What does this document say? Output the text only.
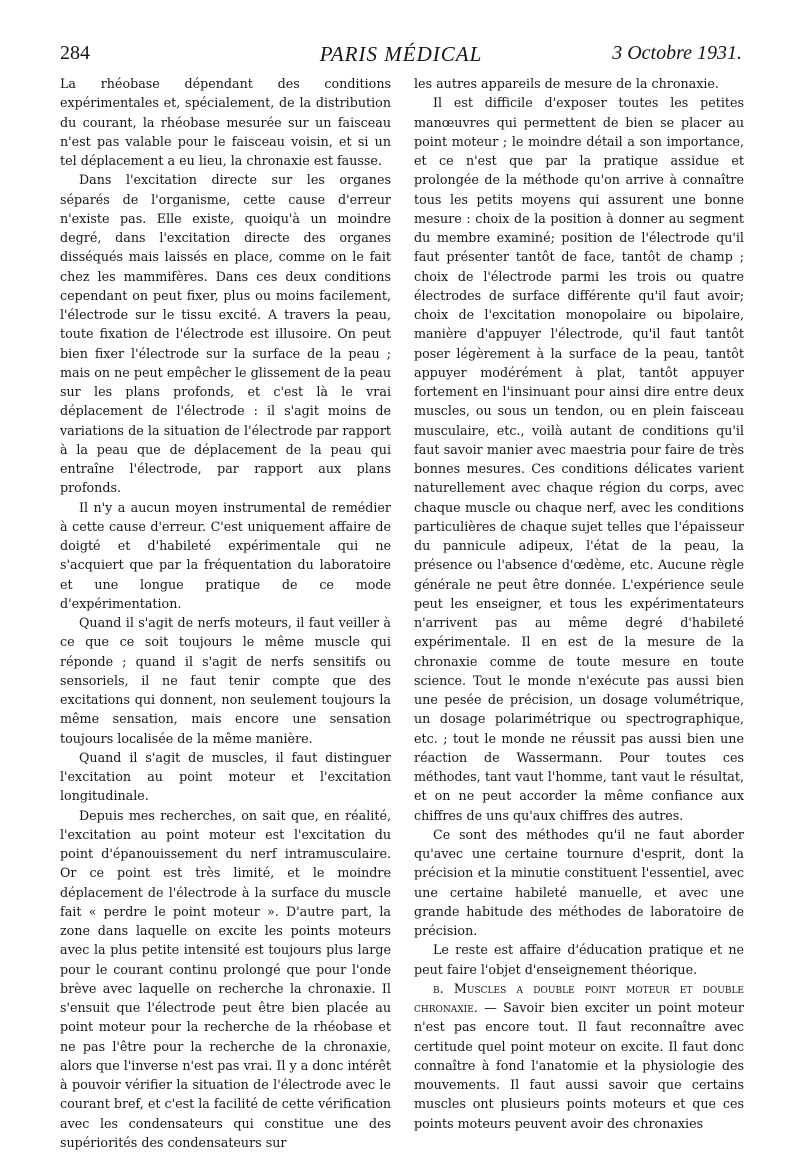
284	PARIS MÉDICAL	3 Octobre 1931.

La rhéobase dépendant des conditions expérimentales et, spécialement, de la distribution du courant, la rhéobase mesurée sur un faisceau n'est pas valable pour le faisceau voisin, et si un tel déplacement a eu lieu, la chronaxie est fausse.

Dans l'excitation directe sur les organes séparés de l'organisme, cette cause d'erreur n'existe pas. Elle existe, quoiqu'à un moindre degré, dans l'excitation directe des organes disséqués mais laissés en place, comme on le fait chez les mammifères. Dans ces deux conditions cependant on peut fixer, plus ou moins facilement, l'électrode sur le tissu excité. A travers la peau, toute fixation de l'électrode est illusoire. On peut bien fixer l'électrode sur la surface de la peau ; mais on ne peut empêcher le glissement de la peau sur les plans profonds, et c'est là le vrai déplacement de l'électrode : il s'agit moins de variations de la situation de l'électrode par rapport à la peau que de déplacement de la peau qui entraîne l'électrode, par rapport aux plans profonds.

Il n'y a aucun moyen instrumental de remédier à cette cause d'erreur. C'est uniquement affaire de doigté et d'habileté expérimentale qui ne s'acquiert que par la fréquentation du laboratoire et une longue pratique de ce mode d'expérimentation.

Quand il s'agit de nerfs moteurs, il faut veiller à ce que ce soit toujours le même muscle qui réponde ; quand il s'agit de nerfs sensitifs ou sensoriels, il ne faut tenir compte que des excitations qui donnent, non seulement toujours la même sensation, mais encore une sensation toujours localisée de la même manière.

Quand il s'agit de muscles, il faut distinguer l'excitation au point moteur et l'excitation longitudinale.

Depuis mes recherches, on sait que, en réalité, l'excitation au point moteur est l'excitation du point d'épanouissement du nerf intramusculaire. Or ce point est très limité, et le moindre déplacement de l'électrode à la surface du muscle fait « perdre le point moteur ». D'autre part, la zone dans laquelle on excite les points moteurs avec la plus petite intensité est toujours plus large pour le courant continu prolongé que pour l'onde brève avec laquelle on recherche la chronaxie. Il s'ensuit que l'électrode peut être bien placée au point moteur pour la recherche de la rhéobase et ne pas l'être pour la recherche de la chronaxie, alors que l'inverse n'est pas vrai. Il y a donc intérêt à pouvoir vérifier la situation de l'électrode avec le courant bref, et c'est la facilité de cette vérification avec les condensateurs qui constitue une des supériorités des condensateurs sur

les autres appareils de mesure de la chronaxie.

Il est difficile d'exposer toutes les petites manœuvres qui permettent de bien se placer au point moteur ; le moindre détail a son importance, et ce n'est que par la pratique assidue et prolongée de la méthode qu'on arrive à connaître tous les petits moyens qui assurent une bonne mesure : choix de la position à donner au segment du membre examiné; position de l'électrode qu'il faut présenter tantôt de face, tantôt de champ ; choix de l'électrode parmi les trois ou quatre électrodes de surface différente qu'il faut avoir; choix de l'excitation monopolaire ou bipolaire, manière d'appuyer l'électrode, qu'il faut tantôt poser légèrement à la surface de la peau, tantôt appuyer modérément à plat, tantôt appuyer fortement en l'insinuant pour ainsi dire entre deux muscles, ou sous un tendon, ou en plein faisceau musculaire, etc., voilà autant de conditions qu'il faut savoir manier avec maestria pour faire de très bonnes mesures. Ces conditions délicates varient naturellement avec chaque région du corps, avec chaque muscle ou chaque nerf, avec les conditions particulières de chaque sujet telles que l'épaisseur du pannicule adipeux, l'état de la peau, la présence ou l'absence d'œdème, etc. Aucune règle générale ne peut être donnée. L'expérience seule peut les enseigner, et tous les expérimentateurs n'arrivent pas au même degré d'habileté expérimentale. Il en est de la mesure de la chronaxie comme de toute mesure en toute science. Tout le monde n'exécute pas aussi bien une pesée de précision, un dosage volumétrique, un dosage polarimétrique ou spectrographique, etc. ; tout le monde ne réussit pas aussi bien une réaction de Wassermann. Pour toutes ces méthodes, tant vaut l'homme, tant vaut le résultat, et on ne peut accorder la même confiance aux chiffres de uns qu'aux chiffres des autres.

Ce sont des méthodes qu'il ne faut aborder qu'avec une certaine tournure d'esprit, dont la précision et la minutie constituent l'essentiel, avec une certaine habileté manuelle, et avec une grande habitude des méthodes de laboratoire de précision.

Le reste est affaire d'éducation pratique et ne peut faire l'objet d'enseignement théorique.

b. Muscles a double point moteur et double chronaxie. — Savoir bien exciter un point moteur n'est pas encore tout. Il faut reconnaître avec certitude quel point moteur on excite. Il faut donc connaître à fond l'anatomie et la physiologie des mouvements. Il faut aussi savoir que certains muscles ont plusieurs points moteurs et que ces points moteurs peuvent avoir des chronaxies
